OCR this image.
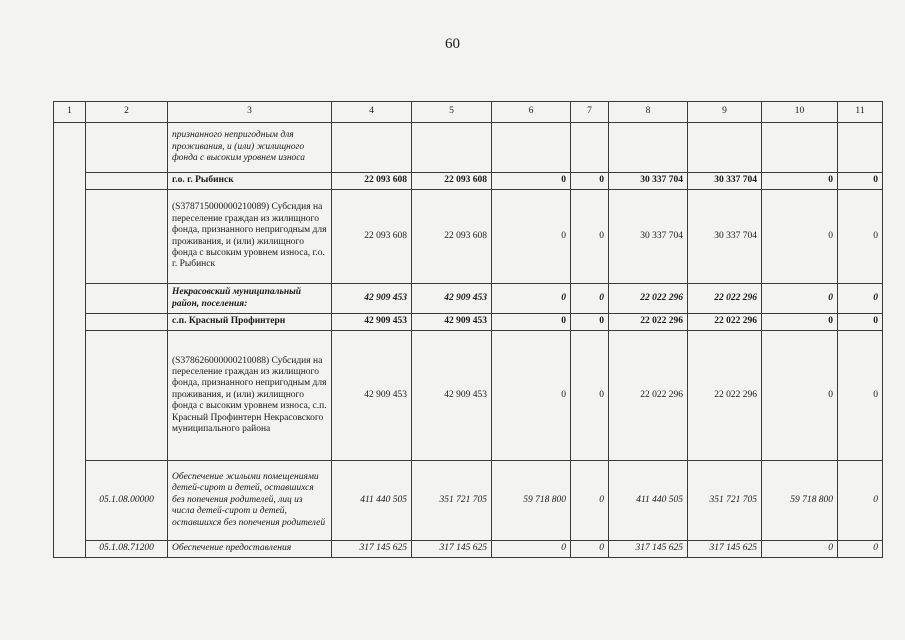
60
1	2	3	4	5	6	7	8	9	10	11
		признанного непригодным для проживания, и (или) жилищного фонда с высоким уровнем износа								
		г.о. г. Рыбинск	22 093 608	22 093 608	0	0	30 337 704	30 337 704	0	0
		(S378715000000210089) Субсидия на переселение граждан из жилищного фонда, признанного непригодным для проживания, и (или) жилищного фонда с высоким уровнем износа, г.о. г. Рыбинск	22 093 608	22 093 608	0	0	30 337 704	30 337 704	0	0
		Некрасовский муниципальный район, поселения:	42 909 453	42 909 453	0	0	22 022 296	22 022 296	0	0
		с.п. Красный Профинтерн	42 909 453	42 909 453	0	0	22 022 296	22 022 296	0	0
		(S378626000000210088) Субсидия на переселение граждан из жилищного фонда, признанного непригодным для проживания, и (или) жилищного фонда с высоким уровнем износа, с.п. Красный Профинтерн Некрасовского муниципального района	42 909 453	42 909 453	0	0	22 022 296	22 022 296	0	0
	05.1.08.00000	Обеспечение жилыми помещениями детей-сирот и детей, оставшихся без попечения родителей, лиц из числа детей-сирот и детей, оставшихся без попечения родителей	411 440 505	351 721 705	59 718 800	0	411 440 505	351 721 705	59 718 800	0
	05.1.08.71200	Обеспечение предоставления	317 145 625	317 145 625	0	0	317 145 625	317 145 625	0	0
